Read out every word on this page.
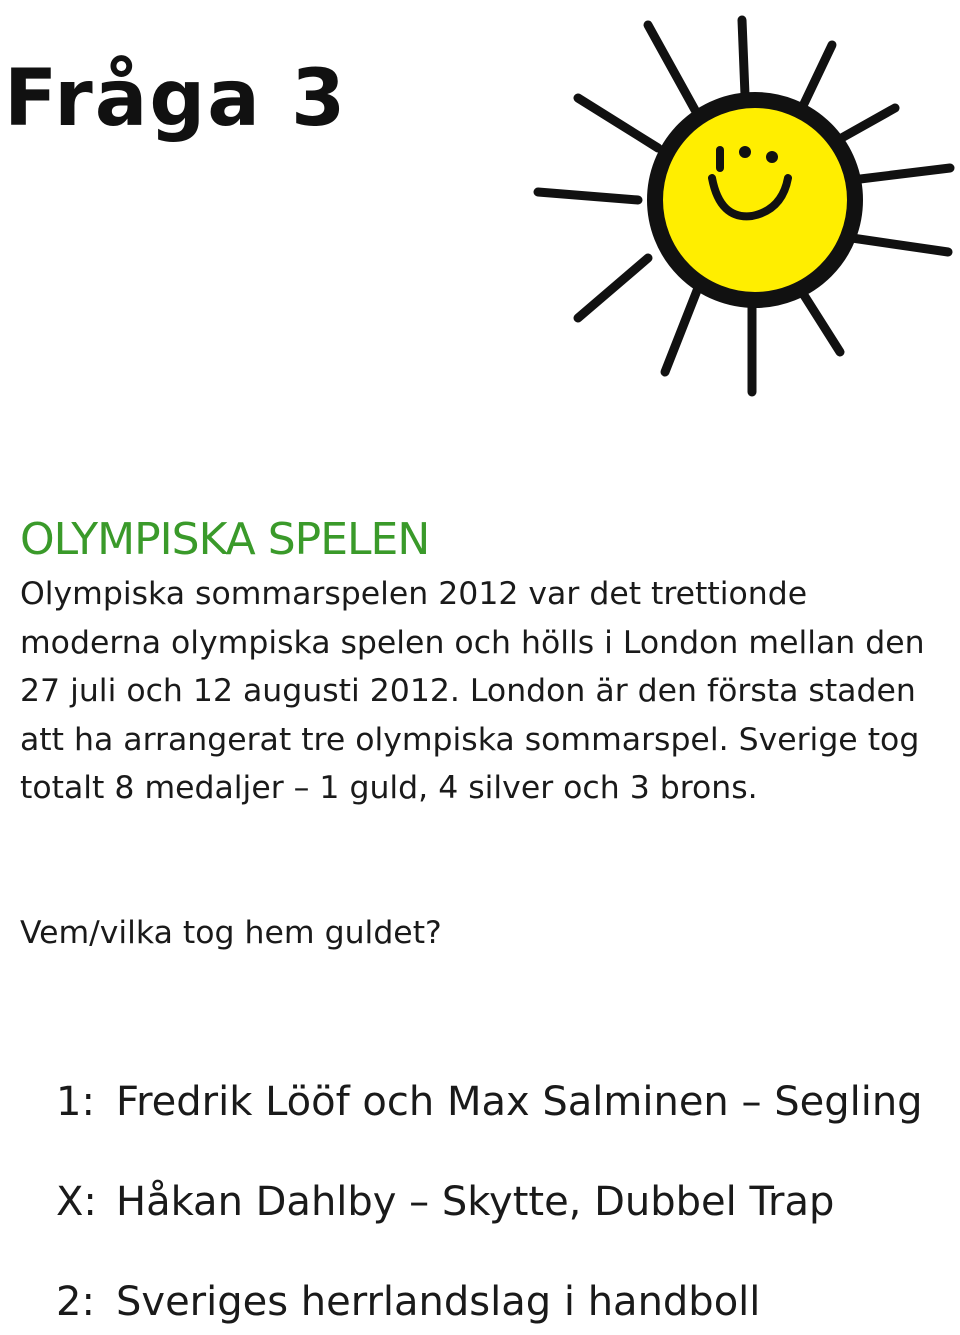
Fråga 3
OLYMPISKA SPELEN

Olympiska sommarspelen 2012 var det trettionde moderna olympiska spelen och hölls i London mellan den 27 juli och 12 augusti 2012. London är den första staden att ha arrangerat tre olympiska sommarspel. Sverige tog totalt 8 medaljer – 1 guld, 4 silver och 3 brons.

Vem/vilka tog hem guldet?
1: Fredrik Lööf och Max Salminen – Segling
X: Håkan Dahlby – Skytte, Dubbel Trap
2: Sveriges herrlandslag i handboll
